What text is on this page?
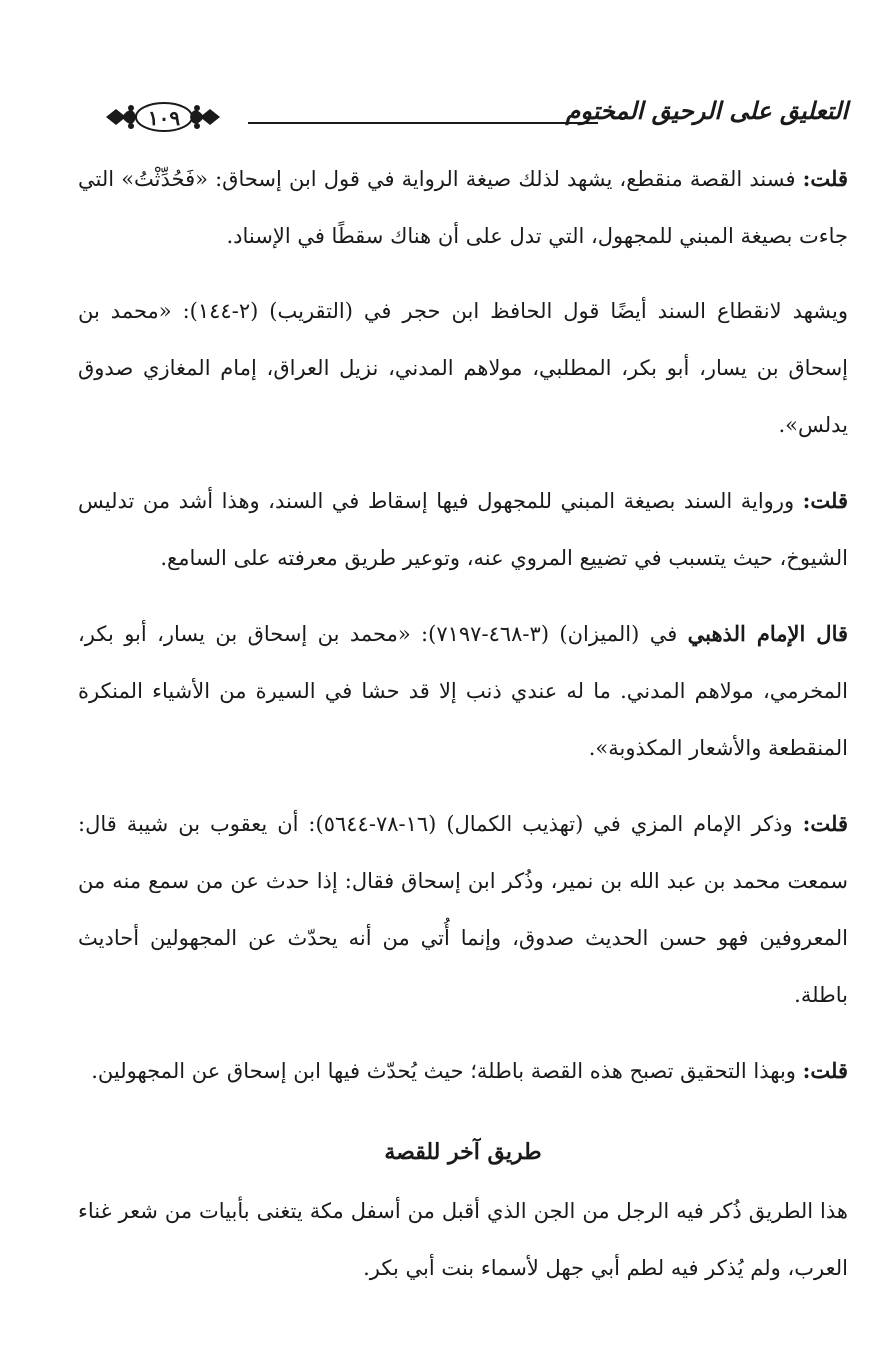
التعليق على الرحيق المختوم
١٠٩

قلت: فسند القصة منقطع، يشهد لذلك صيغة الرواية في قول ابن إسحاق: «فَحُدِّثْتُ» التي جاءت بصيغة المبني للمجهول، التي تدل على أن هناك سقطًا في الإسناد.

ويشهد لانقطاع السند أيضًا قول الحافظ ابن حجر في (التقريب) (٢-١٤٤): «محمد بن إسحاق بن يسار، أبو بكر، المطلبي، مولاهم المدني، نزيل العراق، إمام المغازي صدوق يدلس».

قلت: ورواية السند بصيغة المبني للمجهول فيها إسقاط في السند، وهذا أشد من تدليس الشيوخ، حيث يتسبب في تضييع المروي عنه، وتوعير طريق معرفته على السامع.

قال الإمام الذهبي في (الميزان) (٣-٤٦٨-٧١٩٧): «محمد بن إسحاق بن يسار، أبو بكر، المخرمي، مولاهم المدني. ما له عندي ذنب إلا قد حشا في السيرة من الأشياء المنكرة المنقطعة والأشعار المكذوبة».

قلت: وذكر الإمام المزي في (تهذيب الكمال) (١٦-٧٨-٥٦٤٤): أن يعقوب بن شيبة قال: سمعت محمد بن عبد الله بن نمير، وذُكر ابن إسحاق فقال: إذا حدث عن من سمع منه من المعروفين فهو حسن الحديث صدوق، وإنما أُتي من أنه يحدّث عن المجهولين أحاديث باطلة.

قلت: وبهذا التحقيق تصبح هذه القصة باطلة؛ حيث يُحدّث فيها ابن إسحاق عن المجهولين.

طريق آخر للقصة

هذا الطريق ذُكر فيه الرجل من الجن الذي أقبل من أسفل مكة يتغنى بأبيات من شعر غناء العرب، ولم يُذكر فيه لطم أبي جهل لأسماء بنت أبي بكر.
